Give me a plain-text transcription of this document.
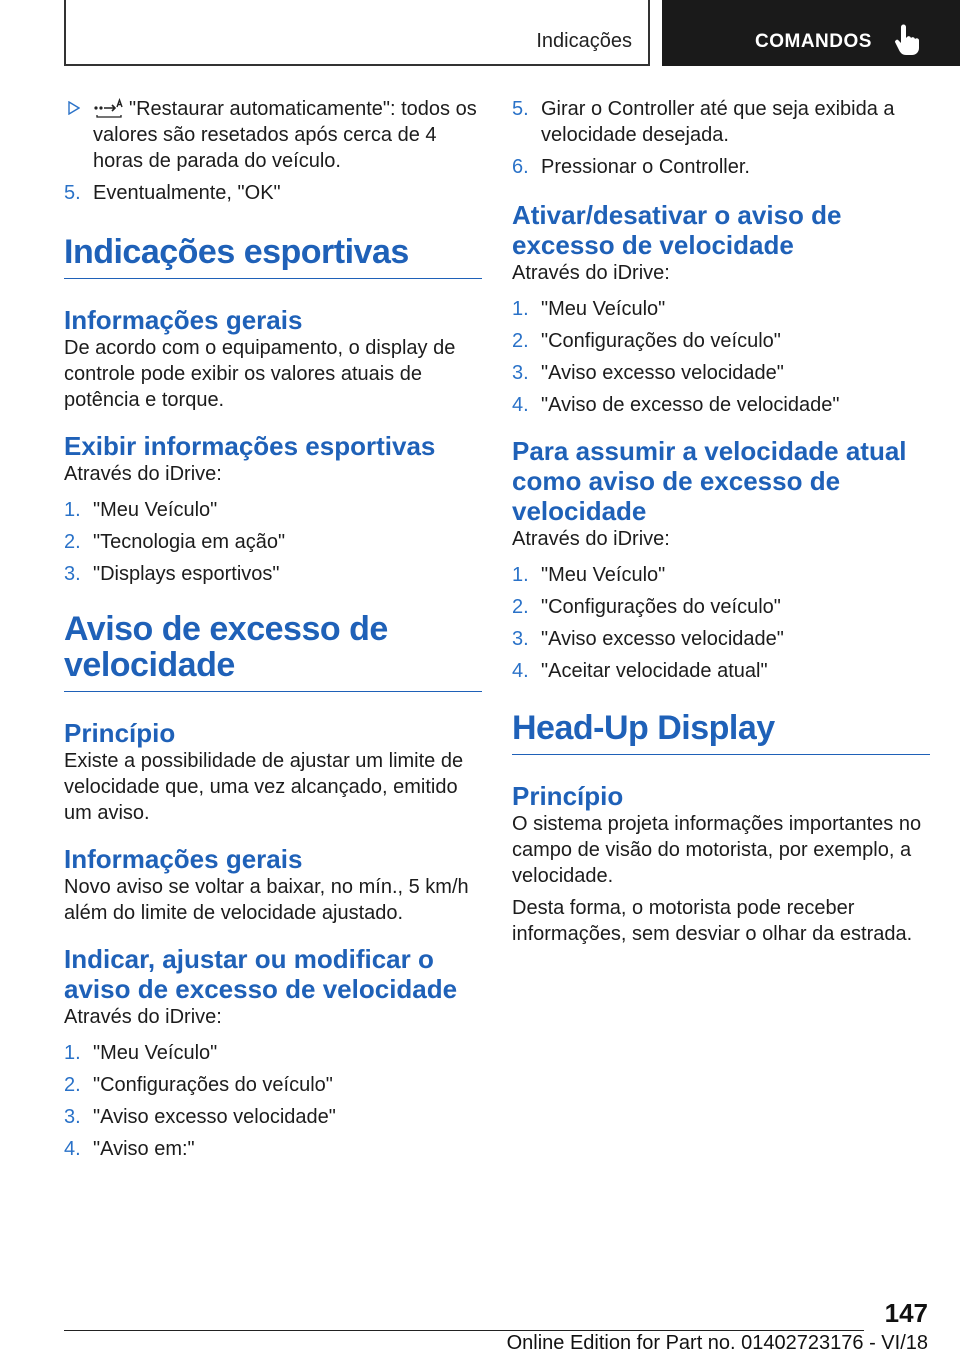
Indicações	COMANDOS
"Restaurar automaticamente": todos os valores são resetados após cerca de 4 horas de parada do veículo.
5. Eventualmente, "OK"
Indicações esportivas
Informações gerais

De acordo com o equipamento, o display de controle pode exibir os valores atuais de potência e torque.

Exibir informações esportivas

Através do iDrive:

1. "Meu Veículo"
2. "Tecnologia em ação"
3. "Displays esportivos"
Aviso de excesso de velocidade
Princípio

Existe a possibilidade de ajustar um limite de velocidade que, uma vez alcançado, emitido um aviso.

Informações gerais

Novo aviso se voltar a baixar, no mín., 5 km/h além do limite de velocidade ajustado.

Indicar, ajustar ou modificar o aviso de excesso de velocidade

Através do iDrive:

1. "Meu Veículo"
2. "Configurações do veículo"
3. "Aviso excesso velocidade"
4. "Aviso em:"
5. Girar o Controller até que seja exibida a velocidade desejada.
6. Pressionar o Controller.
Ativar/desativar o aviso de excesso de velocidade

Através do iDrive:

1. "Meu Veículo"
2. "Configurações do veículo"
3. "Aviso excesso velocidade"
4. "Aviso de excesso de velocidade"
Para assumir a velocidade atual como aviso de excesso de velocidade

Através do iDrive:

1. "Meu Veículo"
2. "Configurações do veículo"
3. "Aviso excesso velocidade"
4. "Aceitar velocidade atual"
Head-Up Display
Princípio

O sistema projeta informações importantes no campo de visão do motorista, por exemplo, a velocidade.

Desta forma, o motorista pode receber informações, sem desviar o olhar da estrada.

147
Online Edition for Part no. 01402723176 - VI/18
